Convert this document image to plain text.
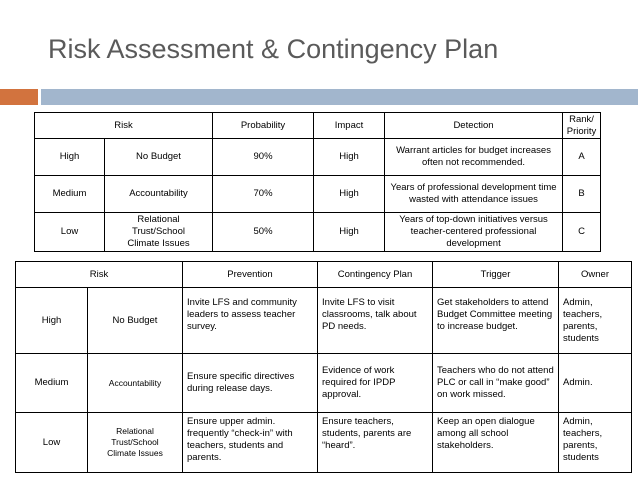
Risk Assessment & Contingency Plan
Risk		Probability	Impact	Detection	Rank/
Priority
High	No Budget	90%	High	Warrant articles for budget increases often not recommended.	A
Medium	Accountability	70%	High	Years of professional development time wasted with attendance issues	B
Low	Relational Trust/School Climate Issues	50%	High	Years of top-down initiatives versus teacher-centered professional development	C
Risk		Prevention	Contingency Plan	Trigger	Owner
High	No Budget	Invite LFS and community leaders to assess teacher survey.	Invite LFS to visit classrooms, talk about PD needs.	Get stakeholders to attend Budget Committee meeting to increase budget.	Admin, teachers, parents, students
Medium	Accountability	Ensure specific directives during release days.	Evidence of work required for IPDP approval.	Teachers who do not attend PLC or call in “make good” on work missed.	Admin.
Low	Relational Trust/School Climate Issues	Ensure upper admin. frequently “check-in” with teachers, students and parents.	Ensure teachers, students, parents are “heard”.	Keep an open dialogue among all school stakeholders.	Admin, teachers, parents, students
